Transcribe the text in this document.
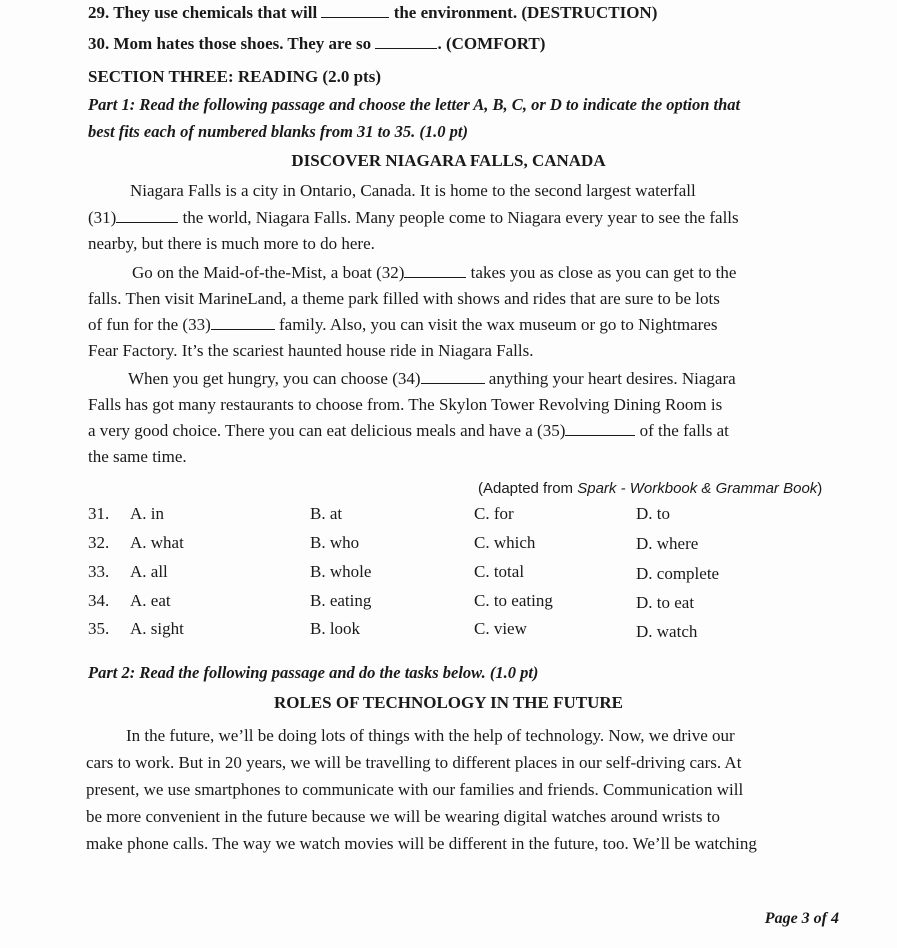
29. They use chemicals that will	the environment. (DESTRUCTION)
30. Mom hates those shoes. They are so	. (COMFORT)
SECTION THREE: READING (2.0 pts)
Part 1: Read the following passage and choose the letter A, B, C, or D to indicate the option that
best fits each of numbered blanks from 31 to 35. (1.0 pt)
DISCOVER NIAGARA FALLS, CANADA
Niagara Falls is a city in Ontario, Canada. It is home to the second largest waterfall
(31)	the world, Niagara Falls. Many people come to Niagara every year to see the falls
nearby, but there is much more to do here.
Go on the Maid-of-the-Mist, a boat (32)	takes you as close as you can get to the
falls. Then visit MarineLand, a theme park filled with shows and rides that are sure to be lots
of fun for the (33)	family. Also, you can visit the wax museum or go to Nightmares
Fear Factory. It’s the scariest haunted house ride in Niagara Falls.
When you get hungry, you can choose (34)	anything your heart desires. Niagara
Falls has got many restaurants to choose from. The Skylon Tower Revolving Dining Room is
a very good choice. There you can eat delicious meals and have a (35)	of the falls at
the same time.
(Adapted from Spark - Workbook & Grammar Book)
31. A. in	B. at	C. for	D. to
32. A. what	B. who	C. which	D. where
33. A. all	B. whole	C. total	D. complete
34. A. eat	B. eating	C. to eating	D. to eat
35. A. sight	B. look	C. view	D. watch
Part 2: Read the following passage and do the tasks below. (1.0 pt)
ROLES OF TECHNOLOGY IN THE FUTURE
In the future, we’ll be doing lots of things with the help of technology. Now, we drive our
cars to work. But in 20 years, we will be travelling to different places in our self-driving cars. At
present, we use smartphones to communicate with our families and friends. Communication will
be more convenient in the future because we will be wearing digital watches around wrists to
make phone calls. The way we watch movies will be different in the future, too. We’ll be watching
Page 3 of 4
